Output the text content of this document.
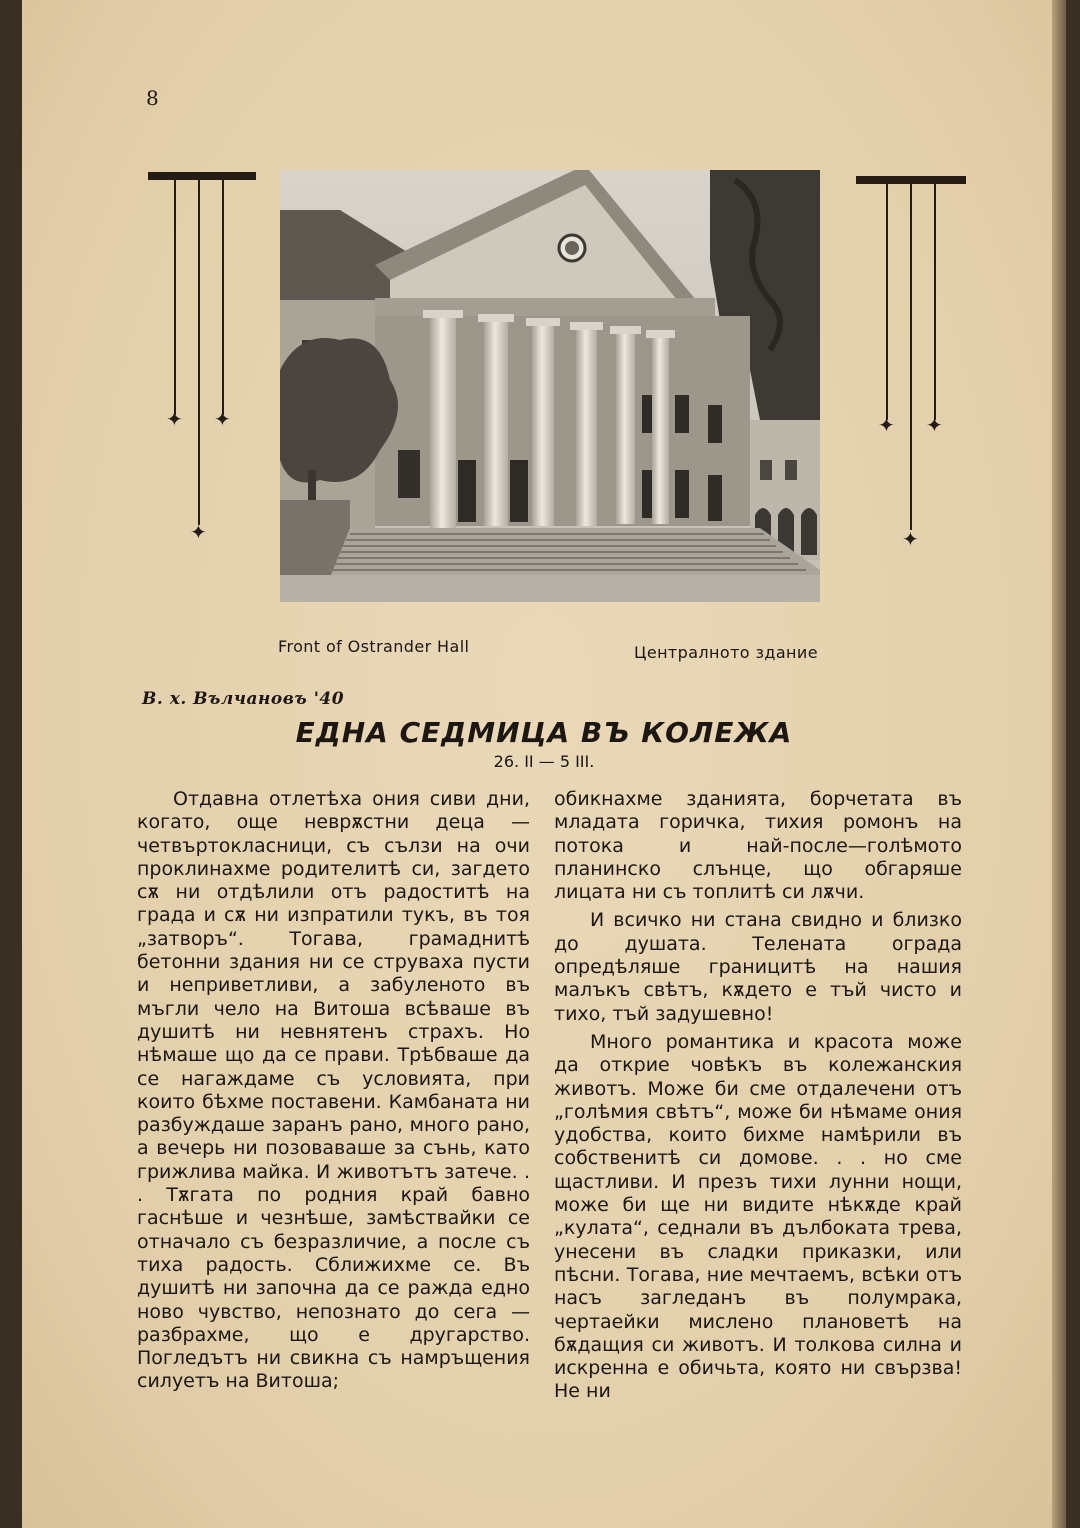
8
✦
✦
✦	✦
✦
✦
Front of Ostrander Hall	Централното здание
В. х. Вълчановъ '40
ЕДНА СЕДМИЦА ВЪ КОЛЕЖА
26. II — 5 III.

Отдавна отлетѣха ония сиви дни, когато, още неврѫстни деца — четвъртокласници, съ сълзи на очи проклинахме родителитѣ си, загдето сѫ ни отдѣлили отъ радоститѣ на града и сѫ ни изпратили тукъ, въ тоя „затворъ“. Тогава, грамаднитѣ бетонни здания ни се струваха пусти и неприветливи, а забуленото въ мъгли чело на Витоша всѣваше въ душитѣ ни невнятенъ страхъ. Но нѣмаше що да се прави. Трѣбваше да се нагаждаме съ условията, при които бѣхме поставени. Камбаната ни разбуждаше заранъ рано, много рано, а вечерь ни позоваваше за сънь, като грижлива майка. И животътъ затече. . . Тѫгата по родния край бавно гаснѣше и чезнѣше, замѣствайки се отначало съ безразличие, а после съ тиха радость. Сближихме се. Въ душитѣ ни започна да се ражда едно ново чувство, непознато до сега — разбрахме, що е другарство. Погледътъ ни свикна съ намръщения силуетъ на Витоша;

обикнахме зданията, борчетата въ младата горичка, тихия ромонъ на потока и най-после—голѣмото планинско слънце, що обгаряше лицата ни съ топлитѣ си лѫчи.

И всичко ни стана свидно и близко до душата. Телената ограда опредѣляше границитѣ на нашия малъкъ свѣтъ, кѫдето е тъй чисто и тихо, тъй задушевно!

Много романтика и красота може да открие човѣкъ въ колежанския животъ. Може би сме отдалечени отъ „голѣмия свѣтъ“, може би нѣмаме ония удобства, които бихме намѣрили въ собственитѣ си домове. . . но сме щастливи. И презъ тихи лунни нощи, може би ще ни видите нѣкѫде край „кулата“, седнали въ дълбоката трева, унесени въ сладки приказки, или пѣсни. Тогава, ние мечтаемъ, всѣки отъ насъ загледанъ въ полумрака, чертаейки мислено плановетѣ на бѫдащия си животъ. И толкова силна и искренна е обичьта, която ни свързва! Не ни
